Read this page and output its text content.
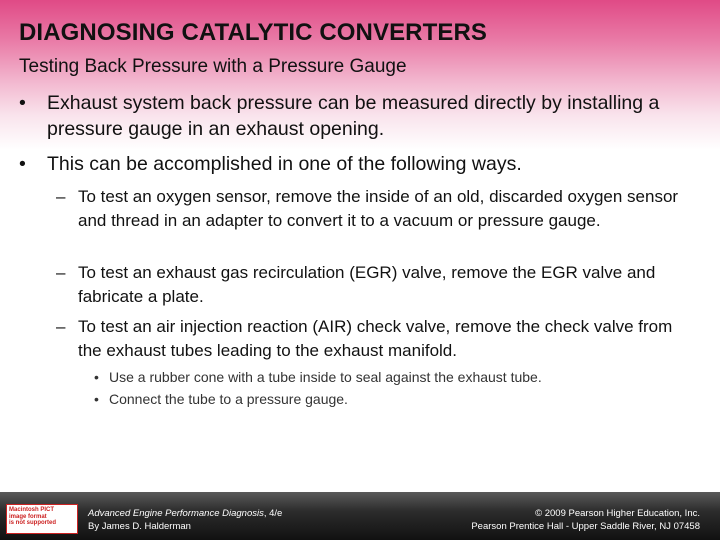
DIAGNOSING CATALYTIC CONVERTERS
Testing Back Pressure with a Pressure Gauge
• Exhaust system back pressure can be measured directly by installing a pressure gauge in an exhaust opening.
• This can be accomplished in one of the following ways.
– To test an oxygen sensor, remove the inside of an old, discarded oxygen sensor and thread in an adapter to convert it to a vacuum or pressure gauge.
– To test an exhaust gas recirculation (EGR) valve, remove the EGR valve and fabricate a plate.
– To test an air injection reaction (AIR) check valve, remove the check valve from the exhaust tubes leading to the exhaust manifold.
• Use a rubber cone with a tube inside to seal against the exhaust tube.
• Connect the tube to a pressure gauge.
Macintosh PICT
image format
is not supported
Advanced Engine Performance Diagnosis, 4/e
By James D. Halderman
© 2009 Pearson Higher Education, Inc.
Pearson Prentice Hall - Upper Saddle River, NJ 07458
